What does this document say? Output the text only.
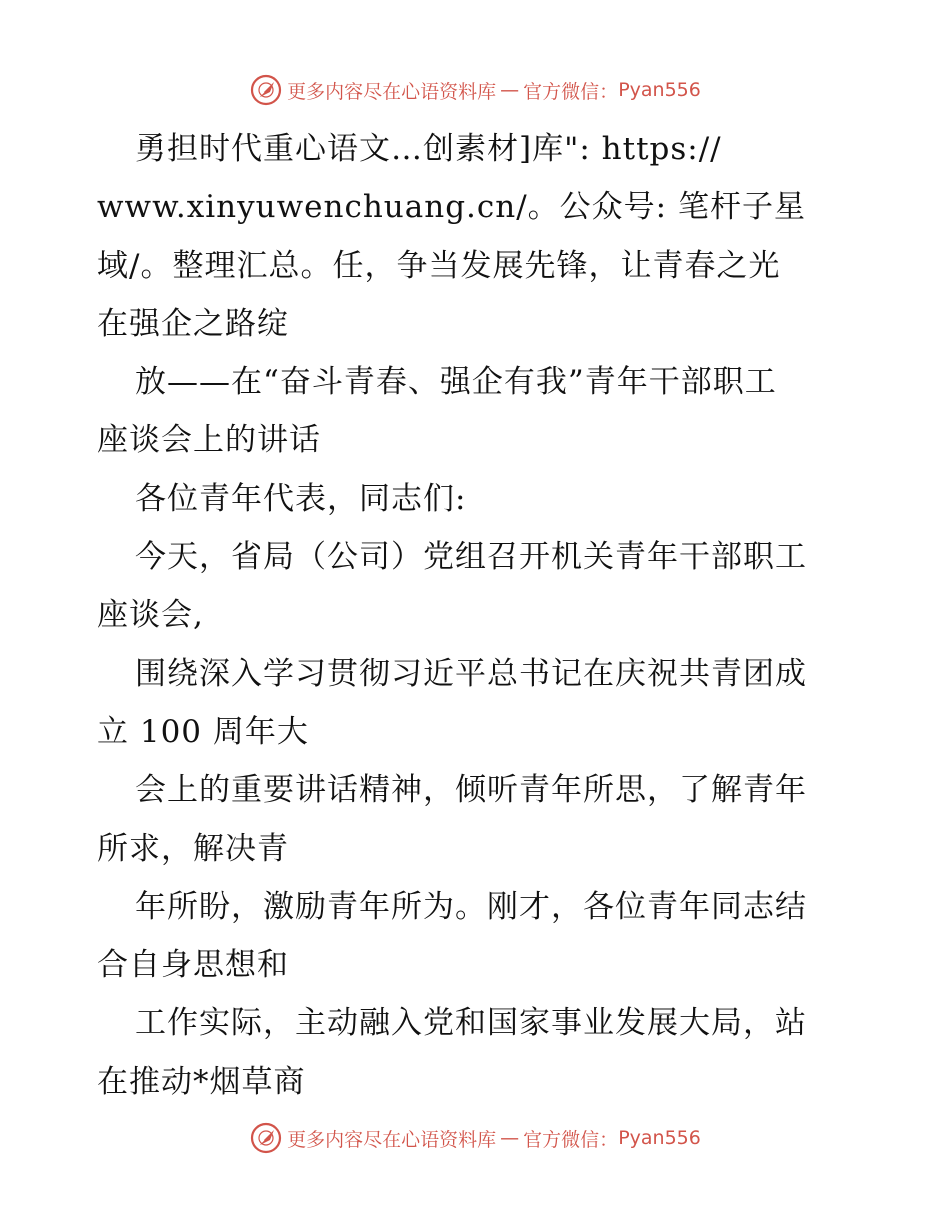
更多内容尽在心语资料库 — 官方微信： Pyan556
勇担时代重心语文…创素材]库": https://
www.xinyuwenchuang.cn/。公众号: 笔杆子星
域/。整理汇总。任，争当发展先锋，让青春之光
在强企之路绽
放——在“奋斗青春、强企有我”青年干部职工
座谈会上的讲话
各位青年代表，同志们:
今天，省局（公司）党组召开机关青年干部职工
座谈会,
围绕深入学习贯彻习近平总书记在庆祝共青团成
立 100 周年大
会上的重要讲话精神，倾听青年所思，了解青年
所求，解决青
年所盼，激励青年所为。刚才，各位青年同志结
合自身思想和
工作实际，主动融入党和国家事业发展大局，站
在推动*烟草商
更多内容尽在心语资料库 — 官方微信： Pyan556
